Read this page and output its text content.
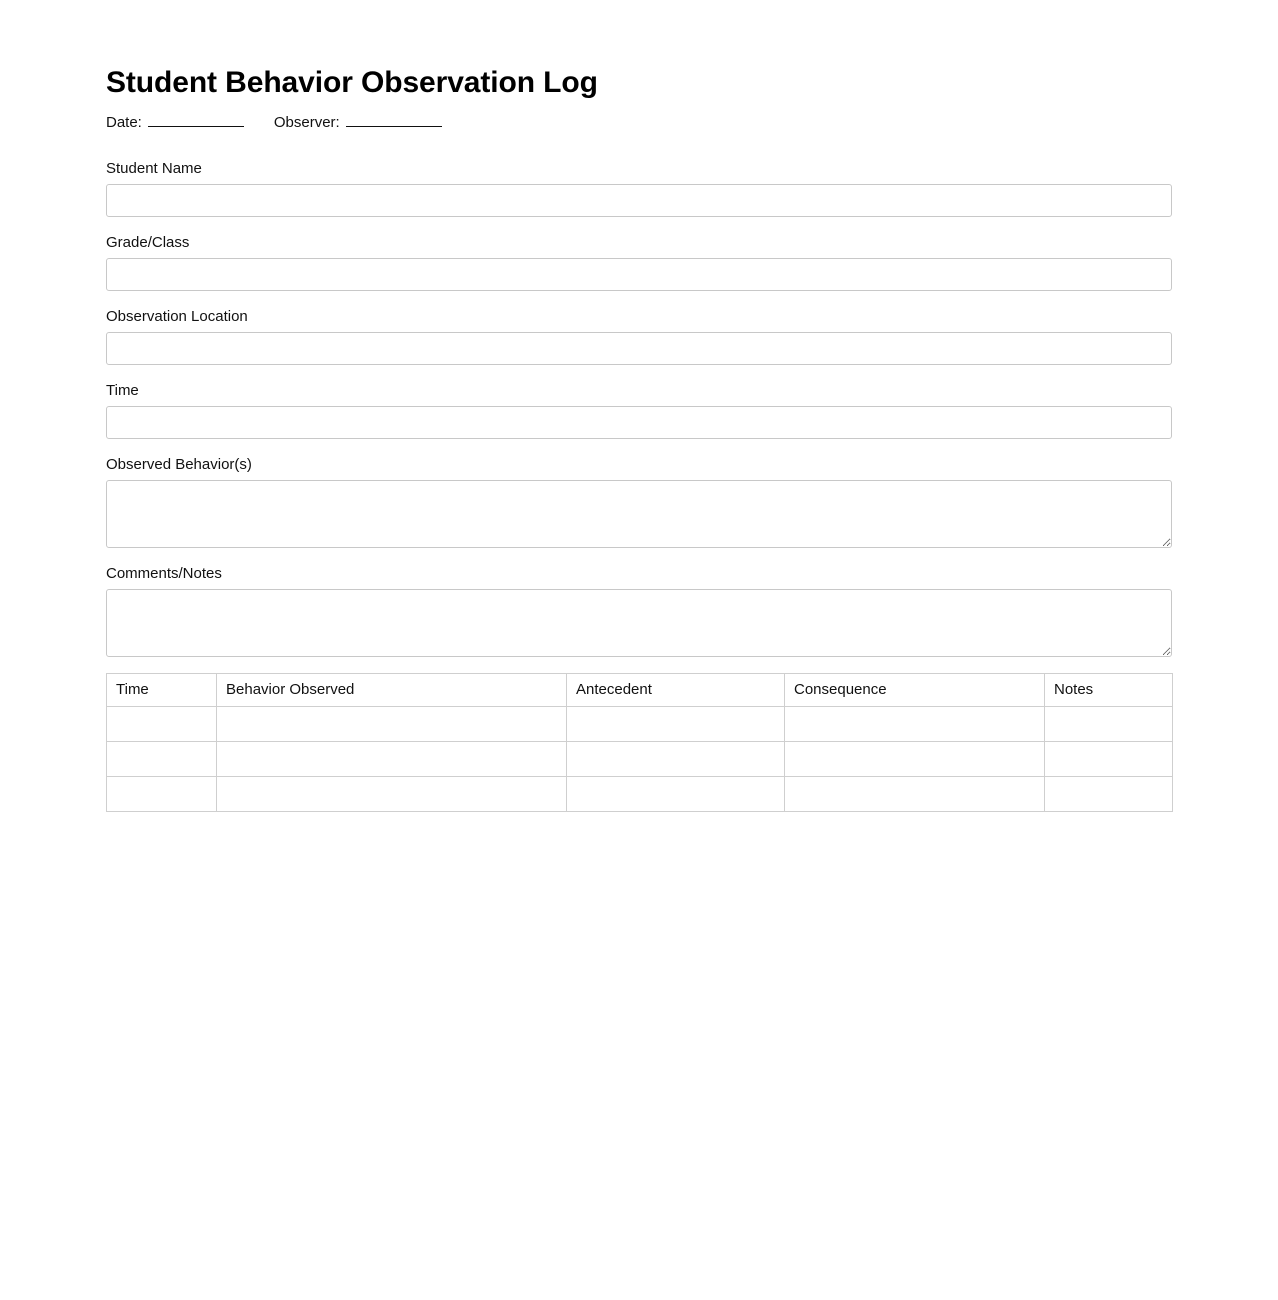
Student Behavior Observation Log
Date:	Observer:
Student Name
Grade/Class
Observation Location
Time
Observed Behavior(s)
Comments/Notes
Time	Behavior Observed	Antecedent	Consequence	Notes
